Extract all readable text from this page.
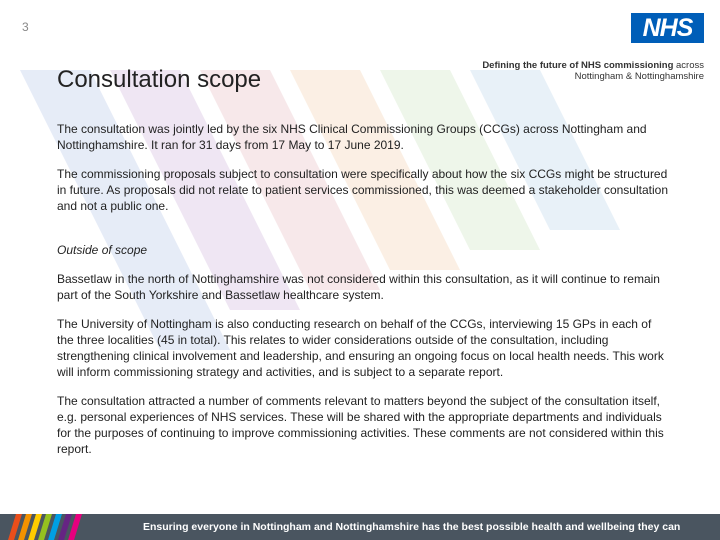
3	NHS
Defining the future of NHS commissioning across Nottingham & Nottinghamshire
Consultation scope

The consultation was jointly led by the six NHS Clinical Commissioning Groups (CCGs) across Nottingham and Nottinghamshire. It ran for 31 days from 17 May to 17 June 2019.

The commissioning proposals subject to consultation were specifically about how the six CCGs might be structured in future. As proposals did not relate to patient services commissioned, this was deemed a stakeholder consultation and not a public one.

Outside of scope

Bassetlaw in the north of Nottinghamshire was not considered within this consultation, as it will continue to remain part of the South Yorkshire and Bassetlaw healthcare system.

The University of Nottingham is also conducting research on behalf of the CCGs, interviewing 15 GPs in each of the three localities (45 in total). This relates to wider considerations outside of the consultation, including strengthening clinical involvement and leadership, and ensuring an ongoing focus on local health needs. This work will inform commissioning strategy and activities, and is subject to a separate report.

The consultation attracted a number of comments relevant to matters beyond the subject of the consultation itself, e.g. personal experiences of NHS services. These will be shared with the appropriate departments and individuals for the purposes of continuing to improve commissioning activities. These comments are not considered within this report.

Ensuring everyone in Nottingham and Nottinghamshire has the best possible health and wellbeing they can
